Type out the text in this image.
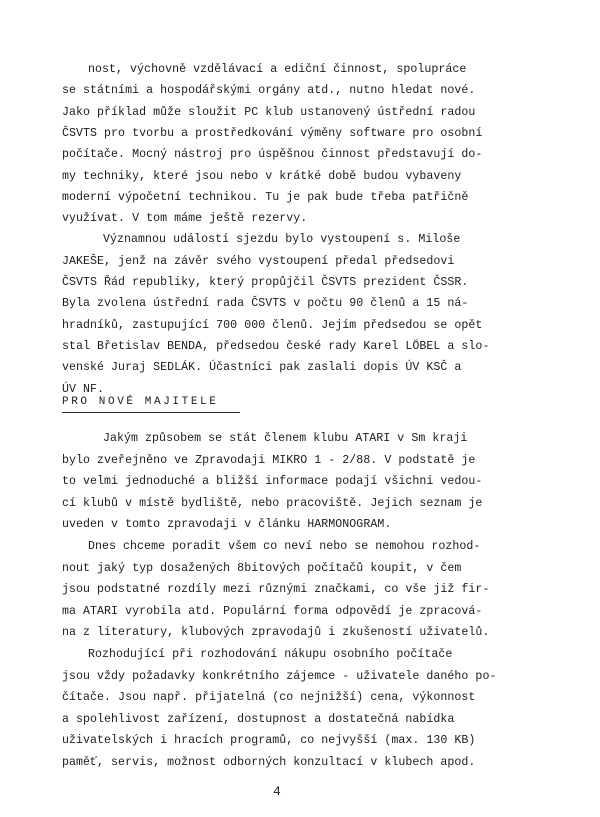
nost, výchovně vzdělávací a ediční činnost, spolupráce
se státními a hospodářskými orgány atd., nutno hledat nové.
Jako příklad může sloužit PC klub ustanovený ústřední radou
ČSVTS pro tvorbu a prostředkování výměny software pro osobní
počítače. Mocný nástroj pro úspěšnou činnost představují do-
my techniky, které jsou nebo v krátké době budou vybaveny
moderní výpočetní technikou. Tu je pak bude třeba patřičně
využívat. V tom máme ještě rezervy.
Významnou událostí sjezdu bylo vystoupení s. Miloše
JAKEŠE, jenž na závěr svého vystoupení předal předsedovi
ČSVTS Řád republiky, který propůjčil ČSVTS prezident ČSSR.
Byla zvolena ústřední rada ČSVTS v počtu 90 členů a 15 ná-
hradníků, zastupující 700 000 členů. Jejím předsedou se opět
stal Břetislav BENDA, předsedou české rady Karel LÖBEL a slo-
PRO NOVÉ MAJITELE
Jakým způsobem se stát členem klubu ATARI v Sm kraji
bylo zveřejněno ve Zpravodaji MIKRO 1 - 2/88. V podstatě je
to velmi jednoduché a bližší informace podají všichni vedou-
cí klubů v místě bydliště, nebo pracoviště. Jejich seznam je
uveden v tomto zpravodaji v článku HARMONOGRAM.
Dnes chceme poradit všem co neví nebo se nemohou rozhod-
nout jaký typ dosažených 8bitových počítačů koupit, v čem
jsou podstatné rozdíly mezi různými značkami, co vše již fir-
ma ATARI vyrobila atd. Populární forma odpovědí je zpracová-
na z literatury, klubových zpravodajů i zkušeností uživatelů.
Rozhodující při rozhodování nákupu osobního počítače
jsou vždy požadavky konkrétního zájemce - uživatele daného po-
čítače. Jsou např. přijatelná (co nejnižší) cena, výkonnost
a spolehlivost zařízení, dostupnost a dostatečná nabídka
uživatelských i hracích programů, co nejvyšší (max. 130 KB)
paměť, servis, možnost odborných konzultací v klubech apod.
4
venské Juraj SEDLÁK. Účastníci pak zaslali dopis ÚV KSČ a
ÚV NF.
